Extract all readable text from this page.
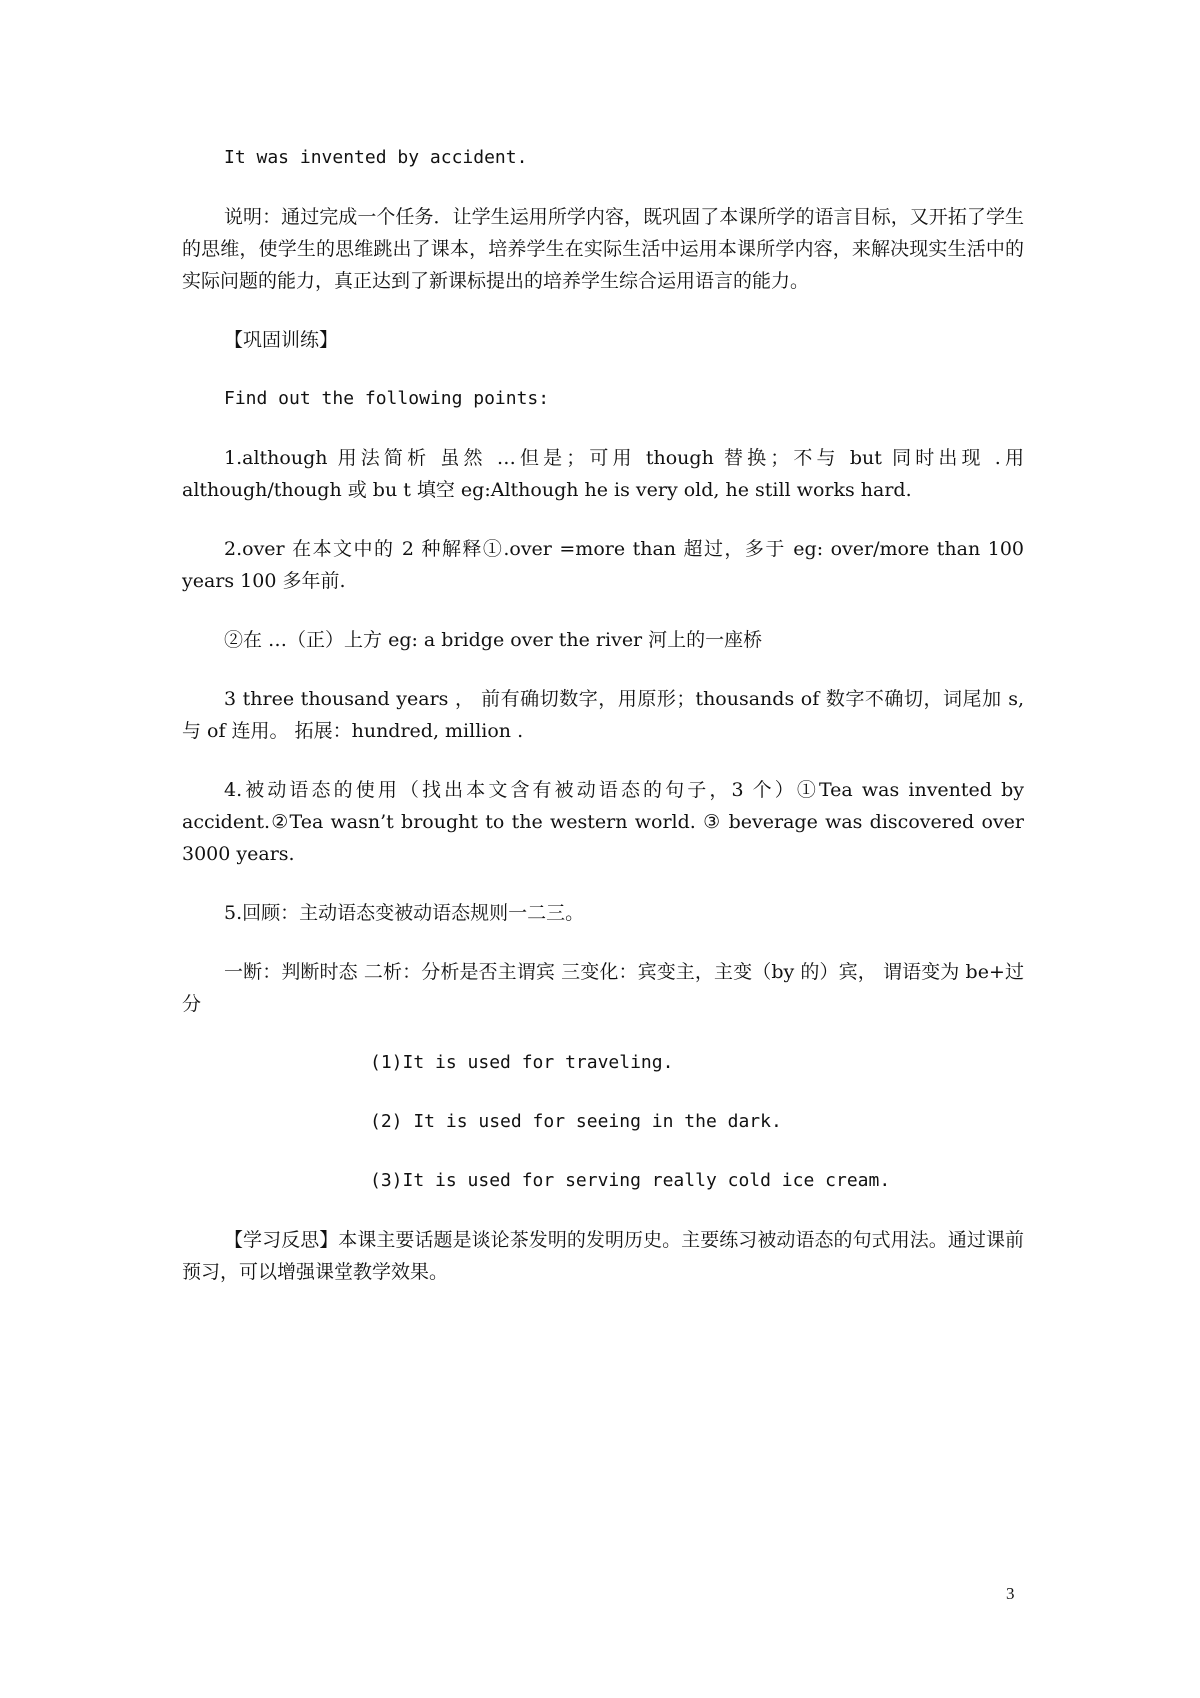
It was invented by accident.

说明：通过完成一个任务．让学生运用所学内容，既巩固了本课所学的语言目标，又开拓了学生的思维，使学生的思维跳出了课本，培养学生在实际生活中运用本课所学内容，来解决现实生活中的实际问题的能力，真正达到了新课标提出的培养学生综合运用语言的能力。

【巩固训练】

Find out the following points:

1.although 用法简析 虽然 …但是；可用 though 替换；不与 but 同时出现 .用although/though 或 bu t 填空 eg:Although he is very old, he still works hard.

2.over 在本文中的 2 种解释①.over =more than 超过，多于 eg: over/more than 100 years 100 多年前.

②在 …（正）上方 eg: a bridge over the river 河上的一座桥

3 three thousand years ， 前有确切数字，用原形；thousands of 数字不确切，词尾加 s,与 of 连用。 拓展：hundred, million .

4.被动语态的使用（找出本文含有被动语态的句子，3 个）①Tea was invented by accident.②Tea wasn’t brought to the western world. ③ beverage was discovered over 3000 years.

5.回顾：主动语态变被动语态规则一二三。

一断：判断时态 二析：分析是否主谓宾 三变化：宾变主，主变（by 的）宾， 谓语变为 be+过分

(1)It is used for traveling.

(2) It is used for seeing in the dark.

(3)It is used for serving really cold ice cream.

【学习反思】本课主要话题是谈论茶发明的发明历史。主要练习被动语态的句式用法。通过课前预习，可以增强课堂教学效果。

3
